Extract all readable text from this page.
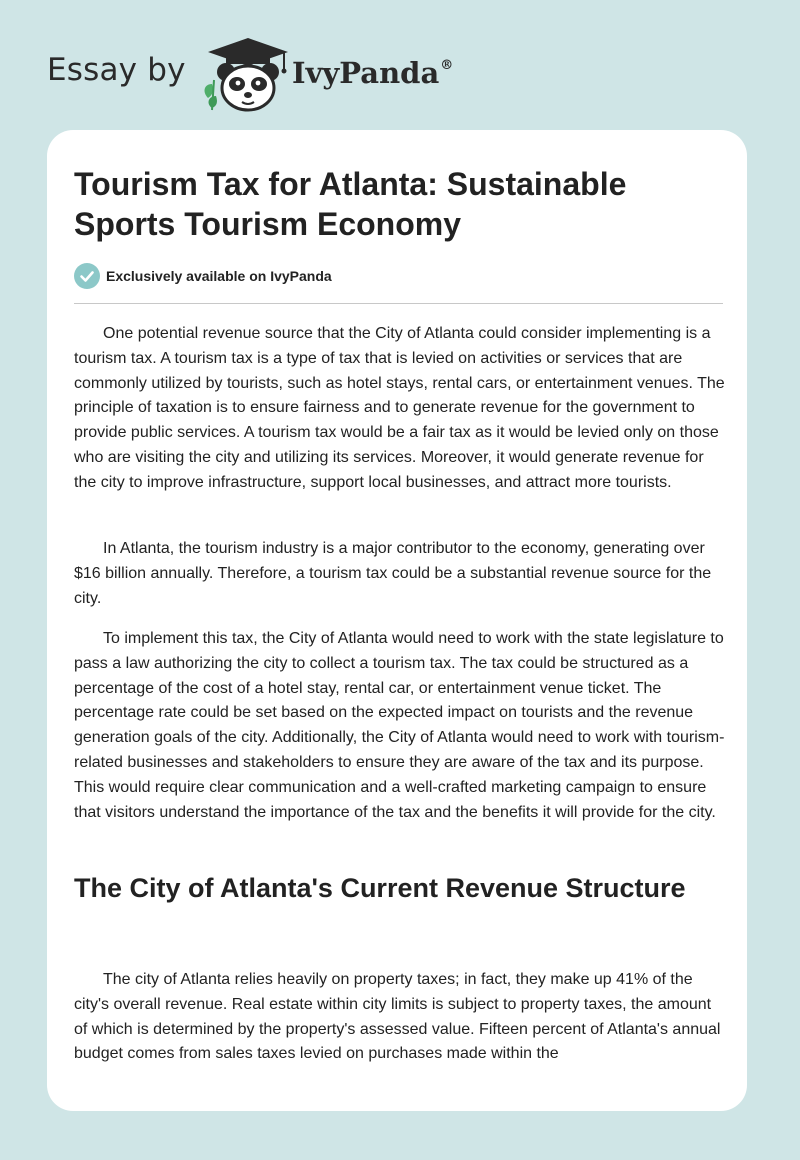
Essay by	IvyPanda®
Tourism Tax for Atlanta: Sustainable Sports Tourism Economy
Exclusively available on IvyPanda

One potential revenue source that the City of Atlanta could consider implementing is a tourism tax. A tourism tax is a type of tax that is levied on activities or services that are commonly utilized by tourists, such as hotel stays, rental cars, or entertainment venues. The principle of taxation is to ensure fairness and to generate revenue for the government to provide public services. A tourism tax would be a fair tax as it would be levied only on those who are visiting the city and utilizing its services. Moreover, it would generate revenue for the city to improve infrastructure, support local businesses, and attract more tourists.

In Atlanta, the tourism industry is a major contributor to the economy, generating over $16 billion annually. Therefore, a tourism tax could be a substantial revenue source for the city.

To implement this tax, the City of Atlanta would need to work with the state legislature to pass a law authorizing the city to collect a tourism tax. The tax could be structured as a percentage of the cost of a hotel stay, rental car, or entertainment venue ticket. The percentage rate could be set based on the expected impact on tourists and the revenue generation goals of the city. Additionally, the City of Atlanta would need to work with tourism-related businesses and stakeholders to ensure they are aware of the tax and its purpose. This would require clear communication and a well-crafted marketing campaign to ensure that visitors understand the importance of the tax and the benefits it will provide for the city.

The City of Atlanta's Current Revenue Structure

The city of Atlanta relies heavily on property taxes; in fact, they make up 41% of the city's overall revenue. Real estate within city limits is subject to property taxes, the amount of which is determined by the property's assessed value. Fifteen percent of Atlanta's annual budget comes from sales taxes levied on purchases made within the
